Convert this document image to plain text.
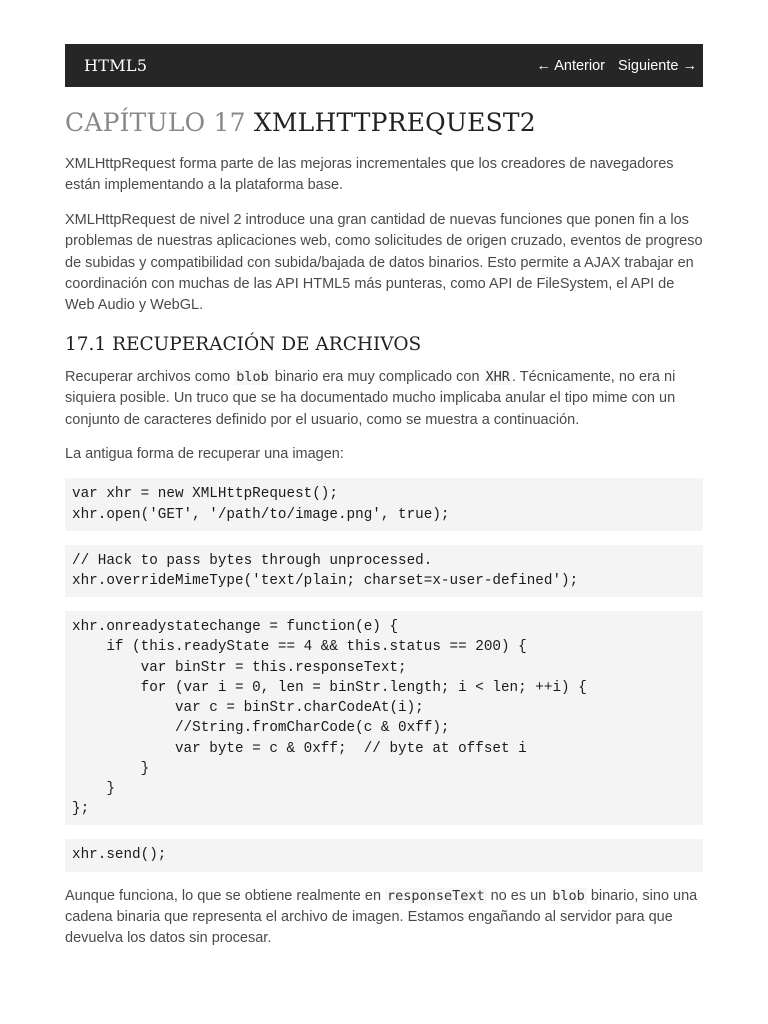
HTML5	← Anterior Siguiente →
CAPÍTULO 17 XMLHTTPREQUEST2

XMLHttpRequest forma parte de las mejoras incrementales que los creadores de navegadores están implementando a la plataforma base.

XMLHttpRequest de nivel 2 introduce una gran cantidad de nuevas funciones que ponen fin a los problemas de nuestras aplicaciones web, como solicitudes de origen cruzado, eventos de progreso de subidas y compatibilidad con subida/bajada de datos binarios. Esto permite a AJAX trabajar en coordinación con muchas de las API HTML5 más punteras, como API de FileSystem, el API de Web Audio y WebGL.

17.1 RECUPERACIÓN DE ARCHIVOS

Recuperar archivos como blob binario era muy complicado con XHR . Técnicamente, no era ni siquiera posible. Un truco que se ha documentado mucho implicaba anular el tipo mime con un conjunto de caracteres definido por el usuario, como se muestra a continuación.

La antigua forma de recuperar una imagen:

var xhr = new XMLHttpRequest();
xhr.open('GET', '/path/to/image.png', true);
// Hack to pass bytes through unprocessed.
xhr.overrideMimeType('text/plain; charset=x-user-defined');
xhr.onreadystatechange = function(e) {
if (this.readyState == 4 && this.status == 200) {
var binStr = this.responseText;
for (var i = 0, len = binStr.length; i < len; ++i) {
var c = binStr.charCodeAt(i);
//String.fromCharCode(c & 0xff);
var byte = c & 0xff;  // byte at offset i
}
}
};
xhr.send();

Aunque funciona, lo que se obtiene realmente en responseText no es un blob binario, sino una cadena binaria que representa el archivo de imagen. Estamos engañando al servidor para que devuelva los datos sin procesar.
